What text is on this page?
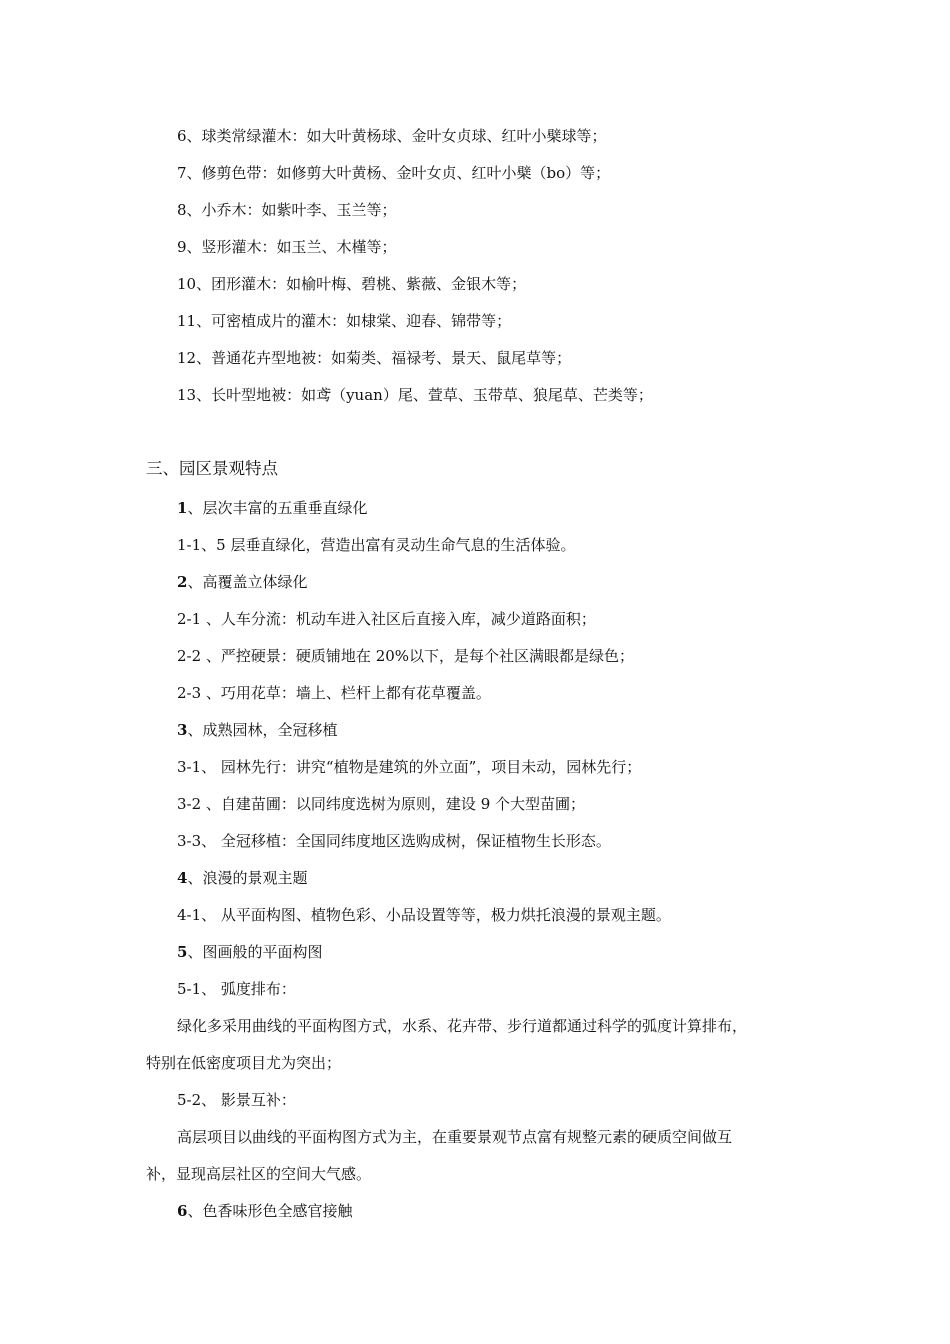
6、球类常绿灌木：如大叶黄杨球、金叶女贞球、红叶小檗球等；
7、修剪色带：如修剪大叶黄杨、金叶女贞、红叶小檗（bo）等；
8、小乔木：如紫叶李、玉兰等；
9、竖形灌木：如玉兰、木槿等；
10、团形灌木：如榆叶梅、碧桃、紫薇、金银木等；
11、可密植成片的灌木：如棣棠、迎春、锦带等；
12、普通花卉型地被：如菊类、福禄考、景天、鼠尾草等；
13、长叶型地被：如鸢（yuan）尾、萱草、玉带草、狼尾草、芒类等；
三、园区景观特点
1、层次丰富的五重垂直绿化
1-1、5 层垂直绿化，营造出富有灵动生命气息的生活体验。
2、高覆盖立体绿化
2-1 、人车分流：机动车进入社区后直接入库，减少道路面积；
2-2 、严控硬景：硬质铺地在 20%以下，是每个社区满眼都是绿色；
2-3 、巧用花草：墙上、栏杆上都有花草覆盖。
3、成熟园林，全冠移植
3-1、 园林先行：讲究“植物是建筑的外立面”，项目未动，园林先行；
3-2 、自建苗圃：以同纬度选树为原则，建设 9 个大型苗圃；
3-3、 全冠移植：全国同纬度地区选购成树，保证植物生长形态。
4、浪漫的景观主题
4-1、 从平面构图、植物色彩、小品设置等等，极力烘托浪漫的景观主题。
5、图画般的平面构图
5-1、 弧度排布：
绿化多采用曲线的平面构图方式，水系、花卉带、步行道都通过科学的弧度计算排布，
特别在低密度项目尤为突出；
5-2、 影景互补：
高层项目以曲线的平面构图方式为主，在重要景观节点富有规整元素的硬质空间做互
补，显现高层社区的空间大气感。
6、色香味形色全感官接触
